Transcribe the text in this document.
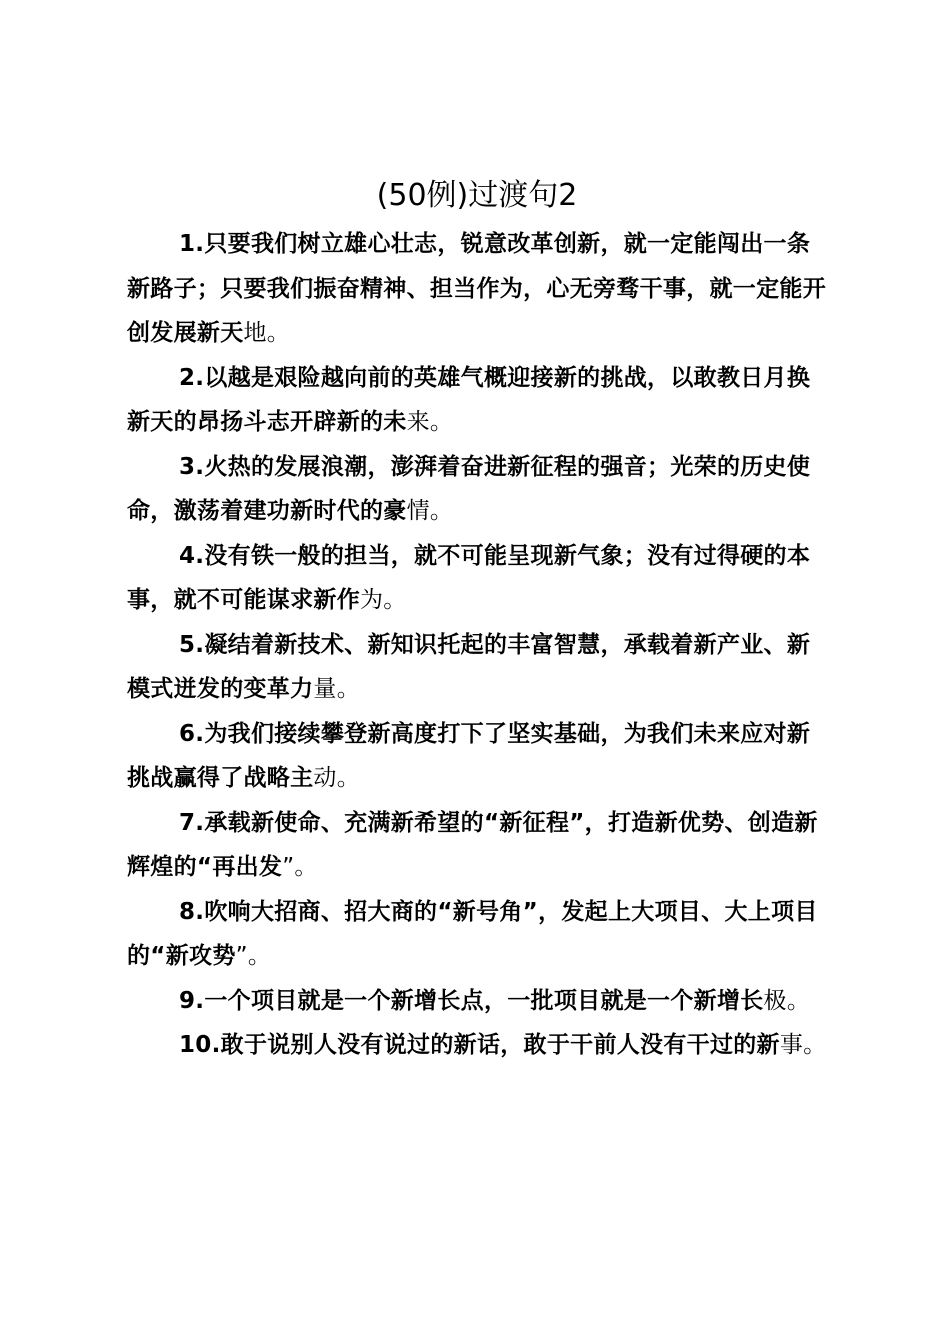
(50例)过渡句2

1.只要我们树立雄心壮志，锐意改革创新，就一定能闯出一条新路子；只要我们振奋精神、担当作为，心无旁骛干事，就一定能开创发展新天地。

2.以越是艰险越向前的英雄气概迎接新的挑战，以敢教日月换新天的昂扬斗志开辟新的未来。

3.火热的发展浪潮，澎湃着奋进新征程的强音；光荣的历史使命，激荡着建功新时代的豪情。

4.没有铁一般的担当，就不可能呈现新气象；没有过得硬的本事，就不可能谋求新作为。

5.凝结着新技术、新知识托起的丰富智慧，承载着新产业、新模式迸发的变革力量。

6.为我们接续攀登新高度打下了坚实基础，为我们未来应对新挑战赢得了战略主动。

7.承载新使命、充满新希望的“新征程”，打造新优势、创造新辉煌的“再出发”。

8.吹响大招商、招大商的“新号角”，发起上大项目、大上项目的“新攻势”。

9.一个项目就是一个新增长点，一批项目就是一个新增长极。

10.敢于说别人没有说过的新话，敢于干前人没有干过的新事。
